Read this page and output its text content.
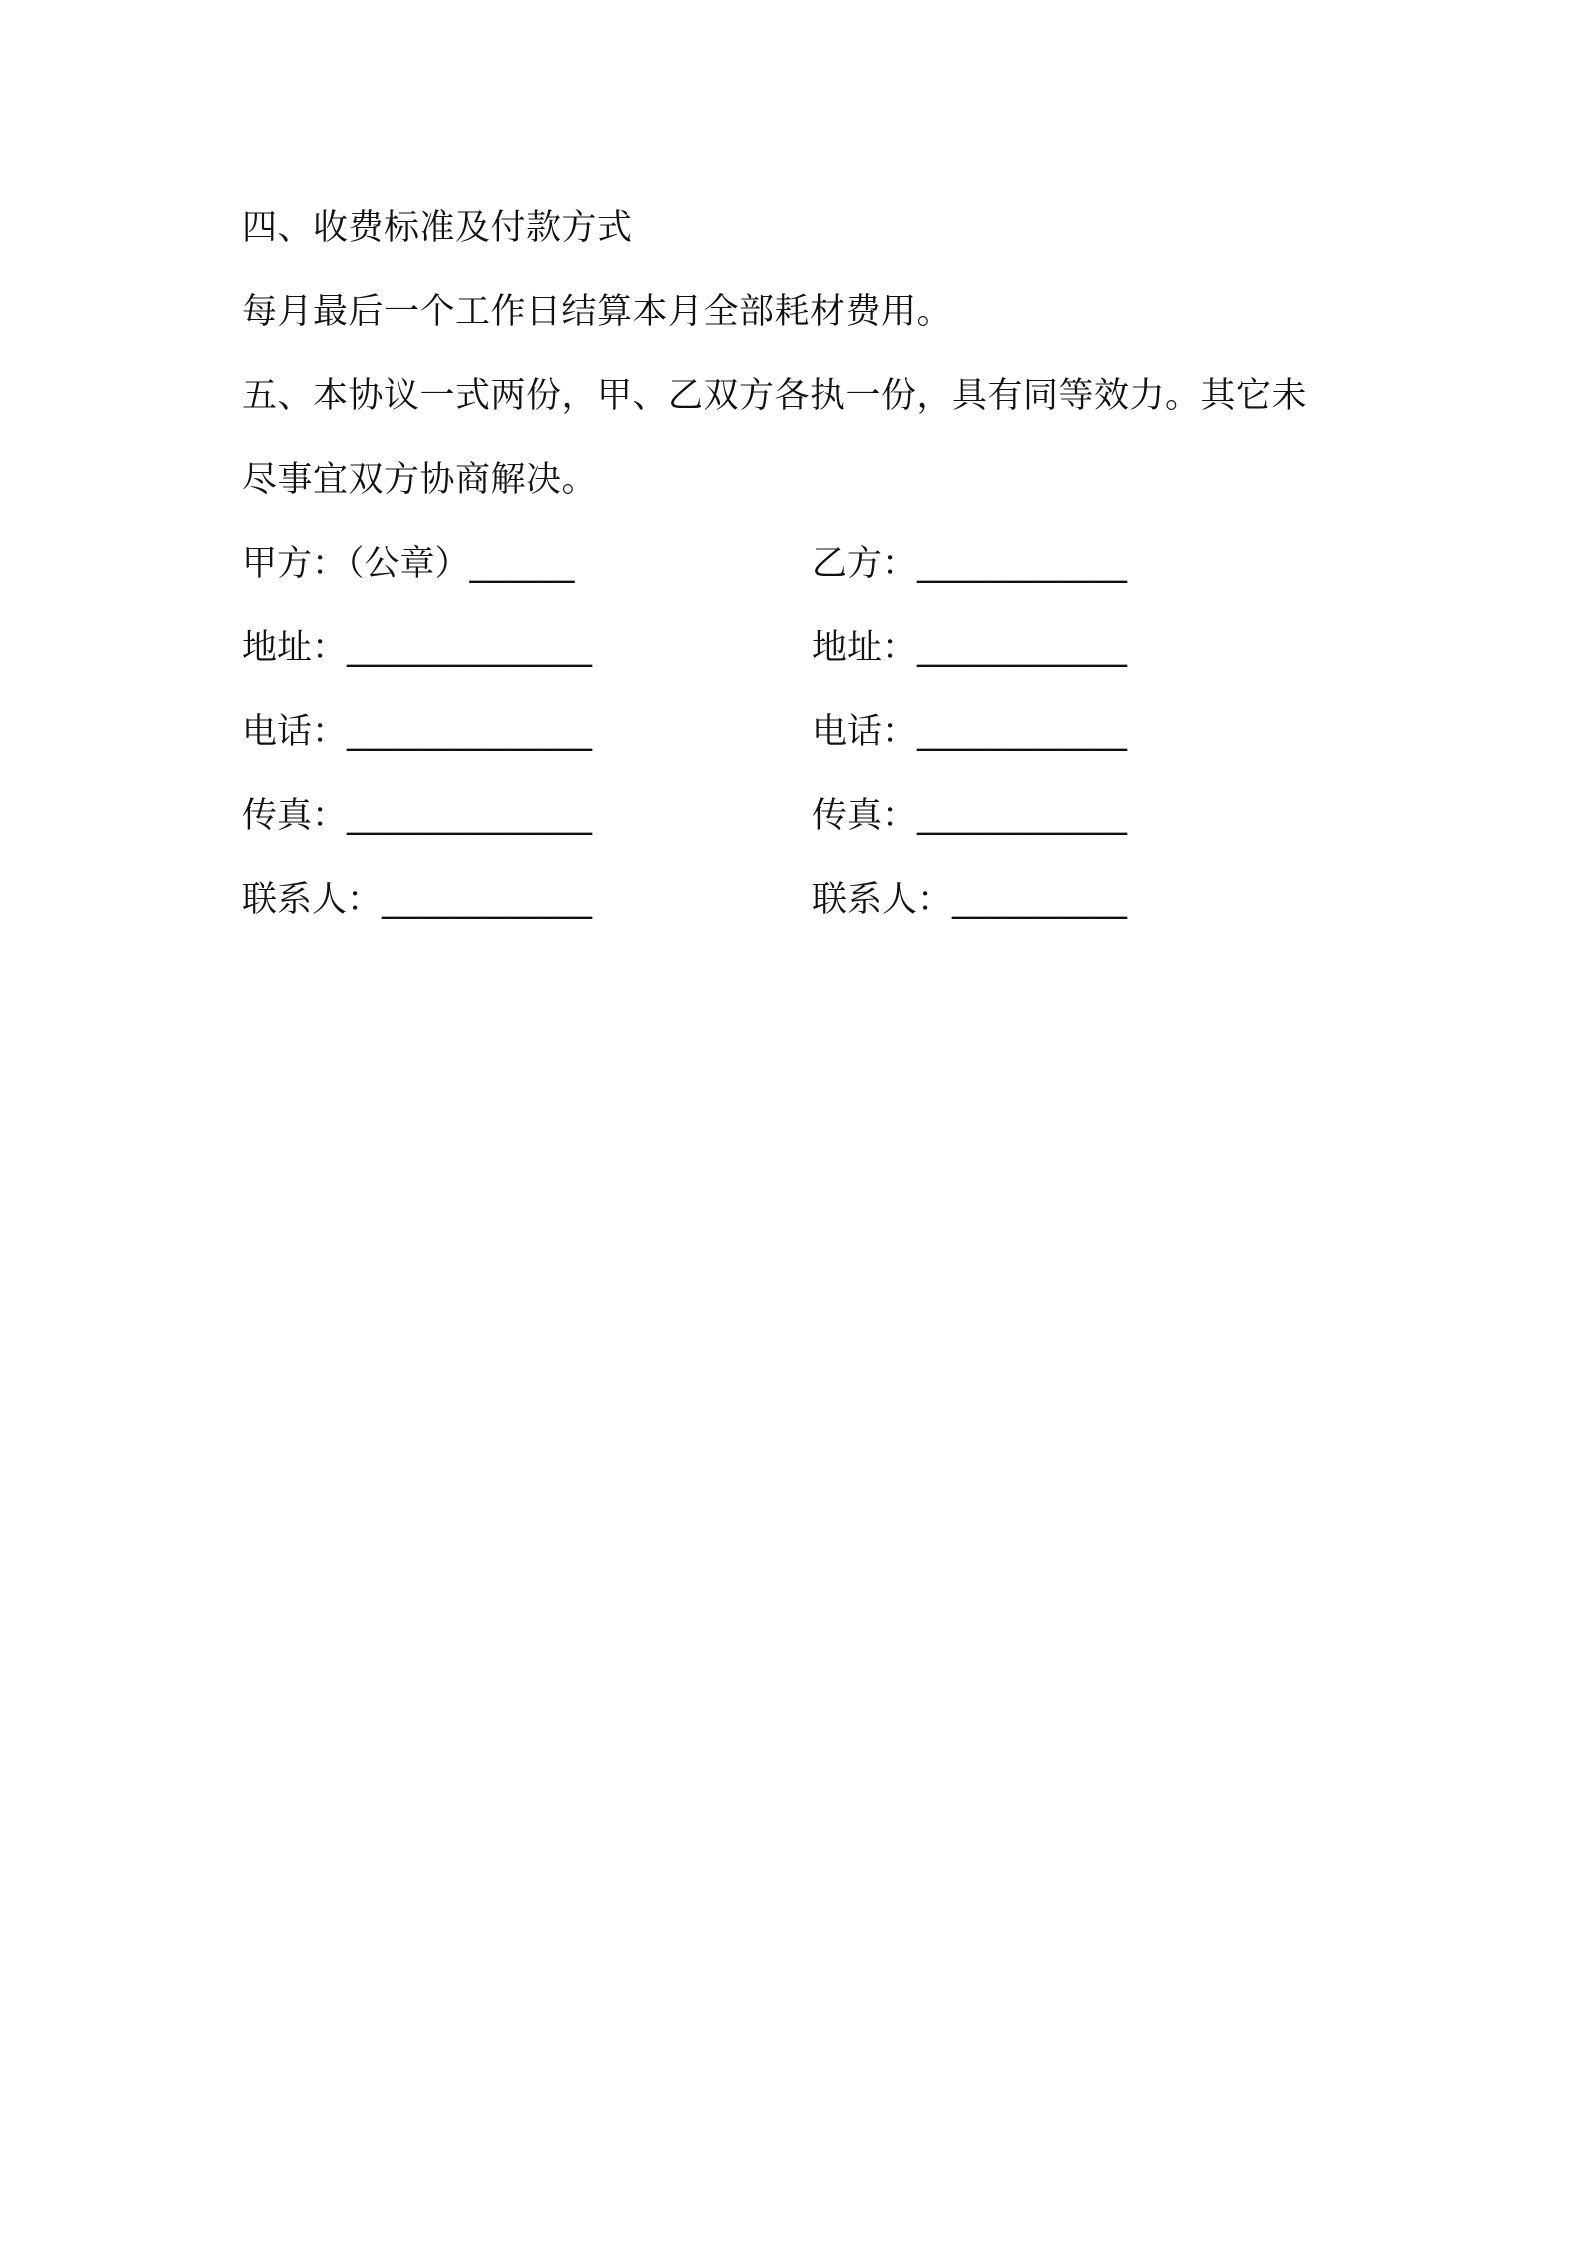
四、收费标准及付款方式
每月最后一个工作日结算本月全部耗材费用。
五、本协议一式两份，甲、乙双方各执一份，具有同等效力。其它未
尽事宜双方协商解决。
甲方：（公章）______	乙方：____________
地址：______________	地址：____________
电话：______________	电话：____________
传真：______________	传真：____________
联系人：____________	联系人：__________
